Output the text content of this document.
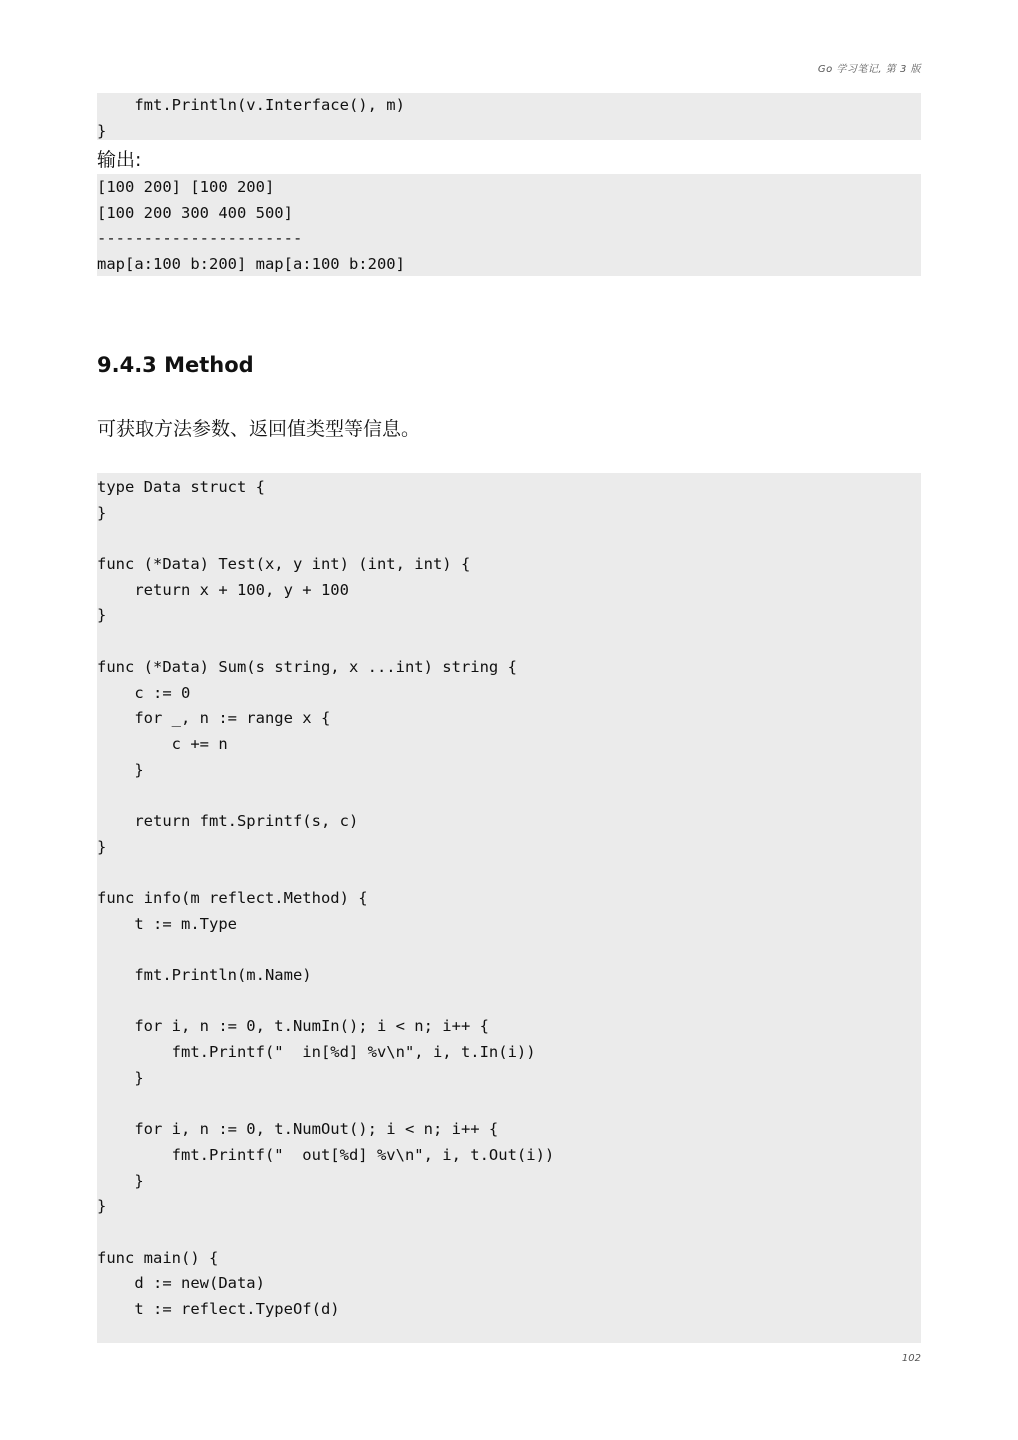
Go 学习笔记, 第 3 版
fmt.Println(v.Interface(), m)
}
输出:
[100 200] [100 200]
[100 200 300 400 500]
----------------------
map[a:100 b:200] map[a:100 b:200]
9.4.3 Method

可获取方法参数、返回值类型等信息。

type Data struct {
}
func (*Data) Test(x, y int) (int, int) {
return x + 100, y + 100
}
func (*Data) Sum(s string, x ...int) string {
c := 0
for _, n := range x {
c += n
}
return fmt.Sprintf(s, c)
}
func info(m reflect.Method) {
t := m.Type
fmt.Println(m.Name)
for i, n := 0, t.NumIn(); i < n; i++ {
fmt.Printf("  in[%d] %v\n", i, t.In(i))
}
for i, n := 0, t.NumOut(); i < n; i++ {
fmt.Printf("  out[%d] %v\n", i, t.Out(i))
}
}
func main() {
d := new(Data)
t := reflect.TypeOf(d)
102
